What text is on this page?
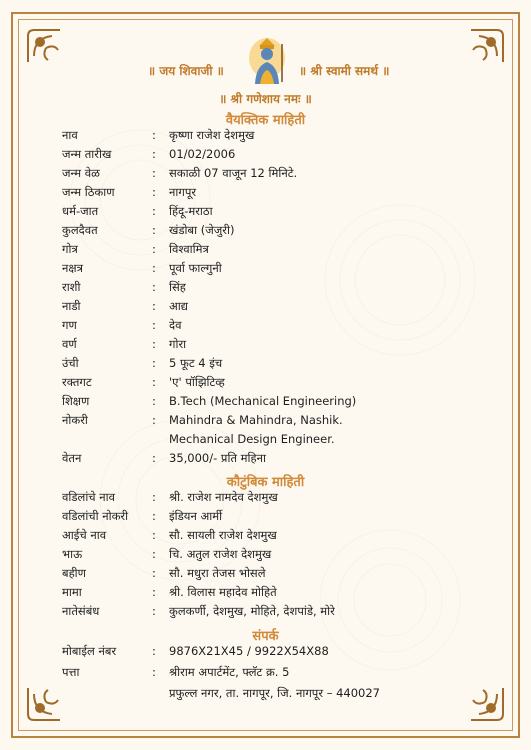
॥ जय शिवाजी ॥	॥ श्री स्वामी समर्थ ॥
॥ श्री गणेशाय नमः ॥
वैयक्तिक माहिती
नाव	: कृष्णा राजेश देशमुख
जन्म तारीख	: 01/02/2006
जन्म वेळ	: सकाळी 07 वाजून 12 मिनिटे.
जन्म ठिकाण	: नागपूर
धर्म-जात	: हिंदू-मराठा
कुलदैवत	: खंडोबा (जेजुरी)
गोत्र	: विश्वामित्र
नक्षत्र	: पूर्वा फाल्गुनी
राशी	: सिंह
नाडी	: आद्य
गण	: देव
वर्ण	: गोरा
उंची	: 5 फूट 4 इंच
रक्तगट	: 'ए' पॉझिटिव्ह
शिक्षण	: B.Tech (Mechanical Engineering)
नोकरी	: Mahindra & Mahindra, Nashik.
Mechanical Design Engineer.
वेतन	: 35,000/- प्रति महिना
कौटुंबिक माहिती
वडिलांचे नाव	: श्री. राजेश नामदेव देशमुख
वडिलांची नोकरी : इंडियन आर्मी
आईचे नाव	: सौ. सायली राजेश देशमुख
भाऊ	: चि. अतुल राजेश देशमुख
बहीण	: सौ. मधुरा तेजस भोसले
मामा	: श्री. विलास महादेव मोहिते
नातेसंबंध	: कुलकर्णी, देशमुख, मोहिते, देशपांडे, मोरे
संपर्क
मोबाईल नंबर	: 9876X21X45 / 9922X54X88
पत्ता	: श्रीराम अपार्टमेंट, फ्लॅट क्र. 5
प्रफुल्ल नगर, ता. नागपूर, जि. नागपूर – 440027
